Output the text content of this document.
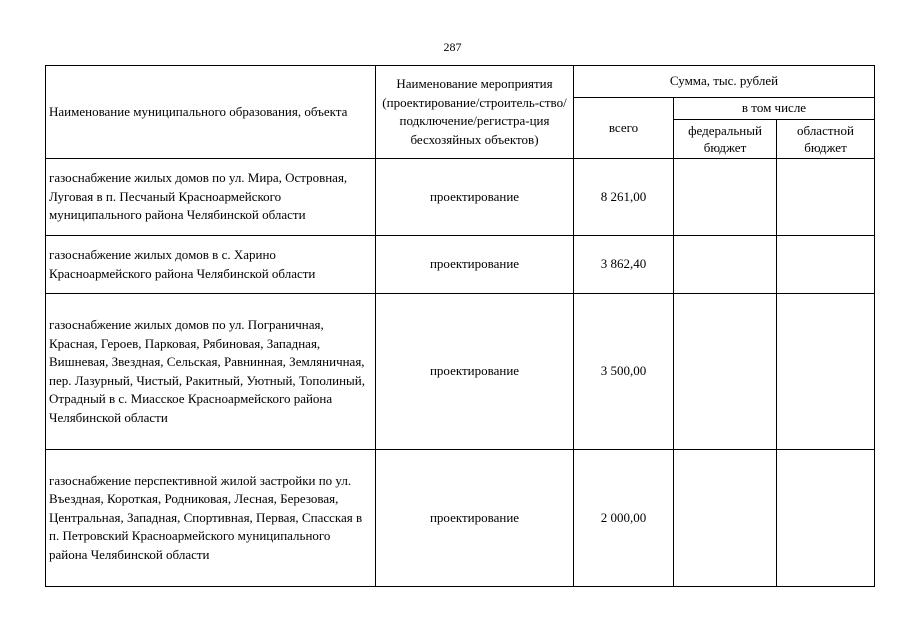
287
Наименование муниципального образования, объекта	Наименование мероприятия (проектирование/строитель-ство/подключение/регистра-ция бесхозяйных объектов)	Сумма, тыс. рублей		
		всего	в том числе	
			федеральный бюджет	областной бюджет
газоснабжение жилых домов по ул. Мира, Островная, Луговая в п. Песчаный Красноармейского муниципального района Челябинской области	проектирование	8 261,00		
газоснабжение жилых домов в с. Харино Красноармейского района Челябинской области	проектирование	3 862,40		
газоснабжение жилых домов по ул. Пограничная, Красная, Героев, Парковая, Рябиновая, Западная, Вишневая, Звездная, Сельская, Равнинная, Земляничная, пер. Лазурный, Чистый, Ракитный, Уютный, Тополиный, Отрадный в с. Миасское Красноармейского района Челябинской области	проектирование	3 500,00		
газоснабжение перспективной жилой застройки по ул. Въездная, Короткая, Родниковая, Лесная, Березовая, Центральная, Западная, Спортивная, Первая, Спасская в п. Петровский Красноармейского муниципального района Челябинской области	проектирование	2 000,00		
